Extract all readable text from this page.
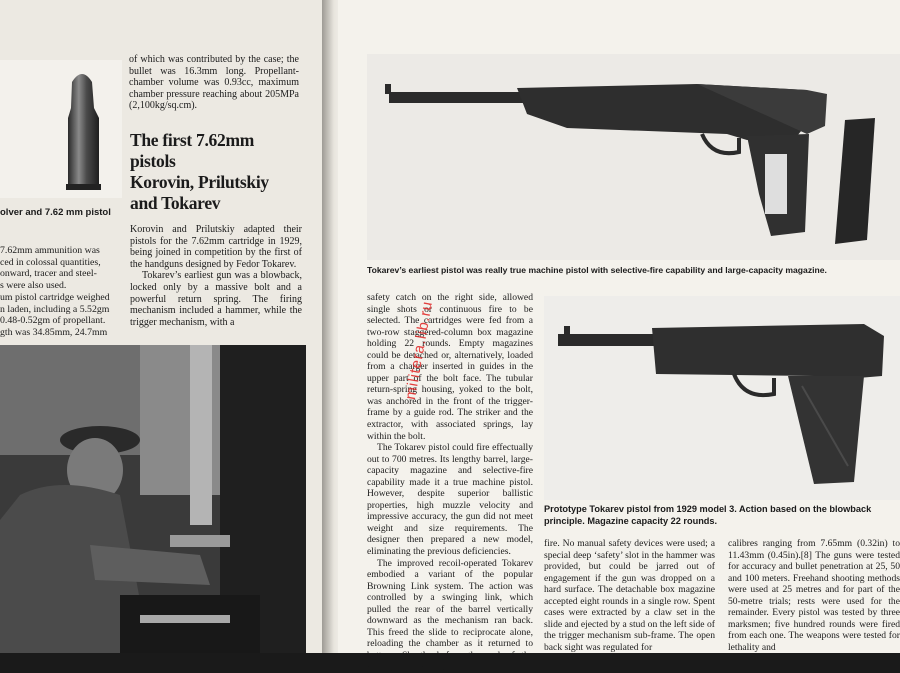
olver and 7.62 mm pistol
7.62mm ammunition was
ced in colossal quantities,
onward, tracer and steel-
s were also used.
um pistol cartridge weighed
n laden, including a 5.52gm
0.48-0.52gm of propellant.
gth was 34.85mm, 24.7mm
of which was contributed by the case; the bullet was 16.3mm long. Propellant-chamber volume was 0.93cc, maximum chamber pressure reaching about 205MPa (2,100kg/sq.cm).
The first 7.62mm
pistols
Korovin, Prilutskiy
and Tokarev

Korovin and Prilutskiy adapted their pistols for the 7.62mm cartridge in 1929, being joined in competition by the first of the handguns designed by Fedor Tokarev.

Tokarev’s earliest gun was a blowback, locked only by a massive bolt and a powerful return spring. The firing mechanism included a hammer, while the trigger mechanism, with a

Tokarev’s earliest pistol was really true machine pistol with selective-fire capability and large-capacity magazine.

safety catch on the right side, allowed single shots or continuous fire to be selected. The cartridges were fed from a two-row staggered-column box magazine holding 22 rounds. Empty magazines could be detached or, alternatively, loaded from a charger inserted in guides in the upper part of the bolt face. The tubular return-spring housing, yoked to the bolt, was anchored in the front of the trigger-frame by a guide rod. The striker and the extractor, with associated springs, lay within the bolt.

The Tokarev pistol could fire effectually out to 700 metres. Its lengthy barrel, large-capacity magazine and selective-fire capability made it a true machine pistol. However, despite superior ballistic properties, high muzzle velocity and impressive accuracy, the gun did not meet weight and size requirements. The designer then prepared a new model, eliminating the previous deficiencies.

The improved recoil-operated Tokarev embodied a variant of the popular Browning Link system. The action was controlled by a swinging link, which pulled the rear of the barrel vertically downward as the mechanism ran back. This freed the slide to reciprocate alone, reloading the chamber as it returned to battery. Shortly before the end of the stroke, the link lifted

Prototype Tokarev pistol from 1929 model 3. Action based on the blowback principle. Magazine capacity 22 rounds.
fire. No manual safety devices were used; a special deep ‘safety’ slot in the hammer was provided, but could be jarred out of engagement if the gun was dropped on a hard surface. The detachable box magazine accepted eight rounds in a single row. Spent cases were extracted by a claw set in the slide and ejected by a stud on the left side of the trigger mechanism sub-frame. The open back sight was regulated for
calibres ranging from 7.65mm (0.32in) to 11.43mm (0.45in).[8] The guns were tested for accuracy and bullet penetration at 25, 50 and 100 meters. Freehand shooting methods were used at 25 metres and for part of the 50-metre trials; rests were used for the remainder. Every pistol was tested by three marksmen; five hundred rounds were fired from each one. The weapons were tested for lethality and
militera.lib.ru
